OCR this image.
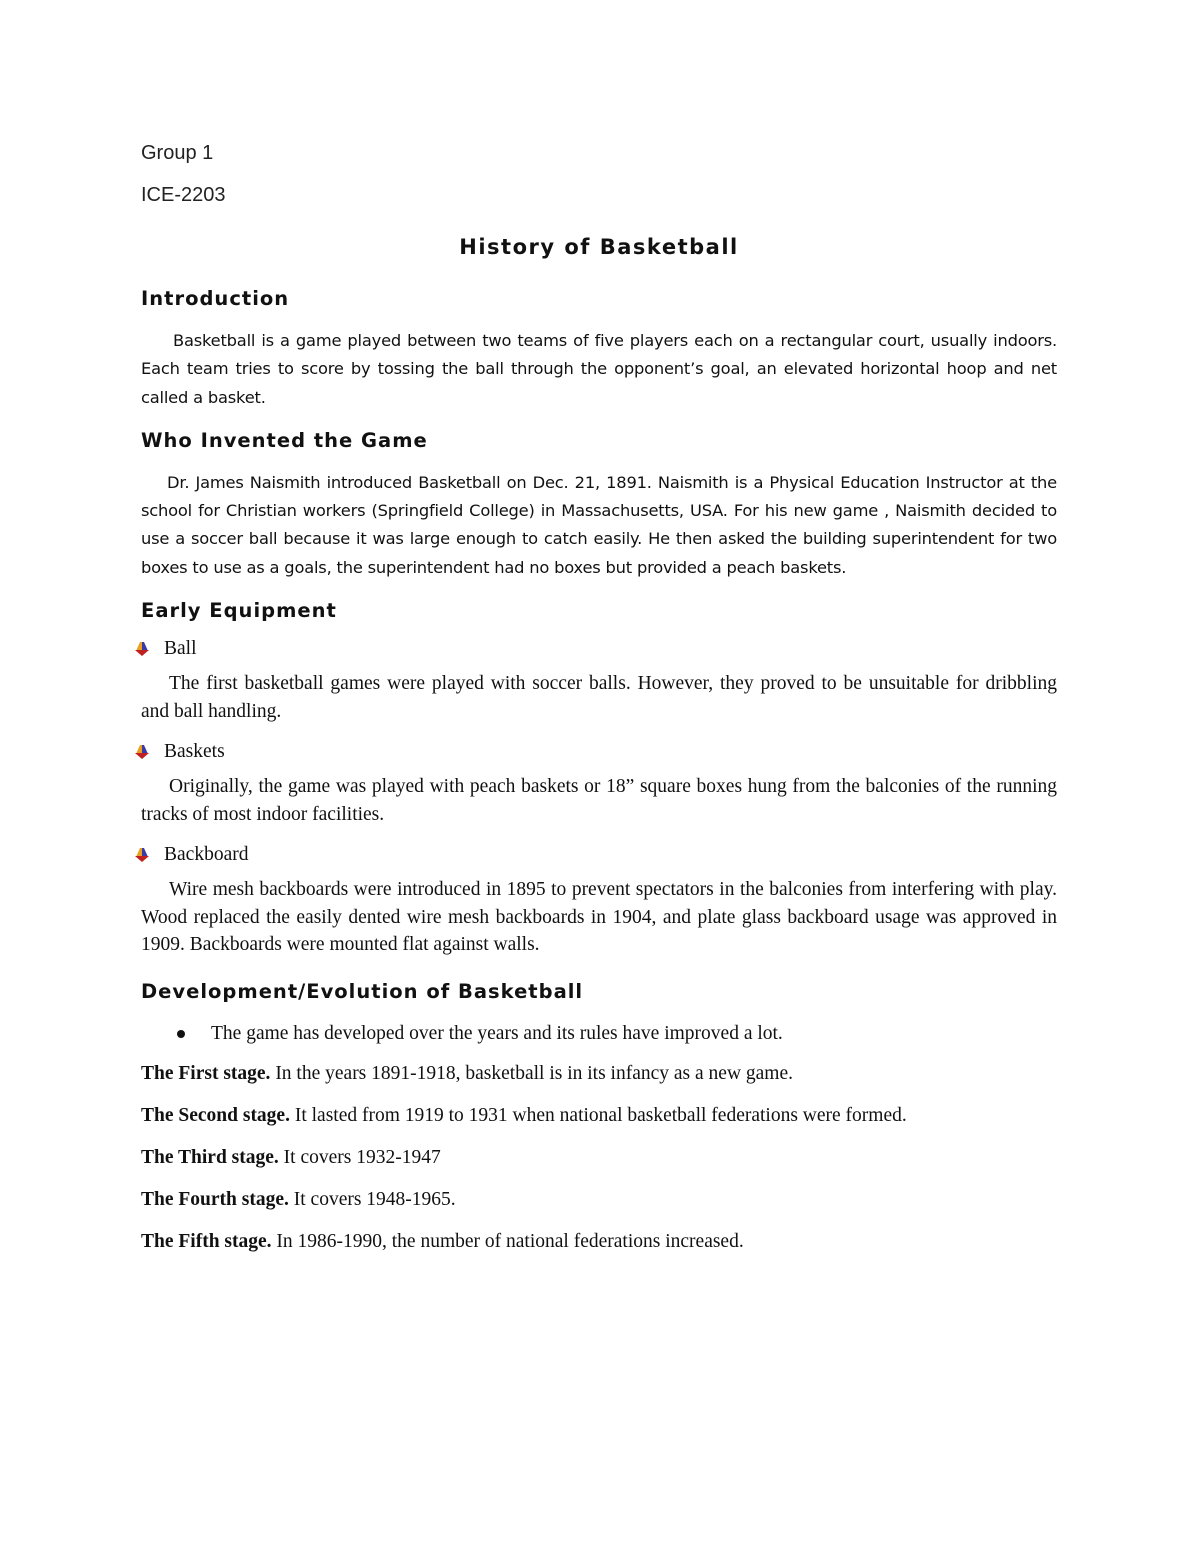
Group 1

ICE-2203

History of Basketball
Introduction

Basketball is a game played between two teams of five players each on a rectangular court, usually indoors. Each team tries to score by tossing the ball through the opponent’s goal, an elevated horizontal hoop and net called a basket.

Who Invented the Game

Dr. James Naismith introduced Basketball on Dec. 21, 1891. Naismith is a Physical Education Instructor at the school for Christian workers (Springfield College) in Massachusetts, USA. For his new game , Naismith decided to use a soccer ball because it was large enough to catch easily. He then asked the building superintendent for two boxes to use as a goals, the superintendent had no boxes but provided a peach baskets.

Early Equipment
Ball

The first basketball games were played with soccer balls. However, they proved to be unsuitable for dribbling and ball handling.

Baskets

Originally, the game was played with peach baskets or 18” square boxes hung from the balconies of the running tracks of most indoor facilities.

Backboard

Wire mesh backboards were introduced in 1895 to prevent spectators in the balconies from interfering with play. Wood replaced the easily dented wire mesh backboards in 1904, and plate glass backboard usage was approved in 1909. Backboards were mounted flat against walls.

Development/Evolution of Basketball
The game has developed over the years and its rules have improved a lot.

The First stage. In the years 1891-1918, basketball is in its infancy as a new game.

The Second stage. It lasted from 1919 to 1931 when national basketball federations were formed.

The Third stage. It covers 1932-1947

The Fourth stage. It covers 1948-1965.

The Fifth stage. In 1986-1990, the number of national federations increased.
